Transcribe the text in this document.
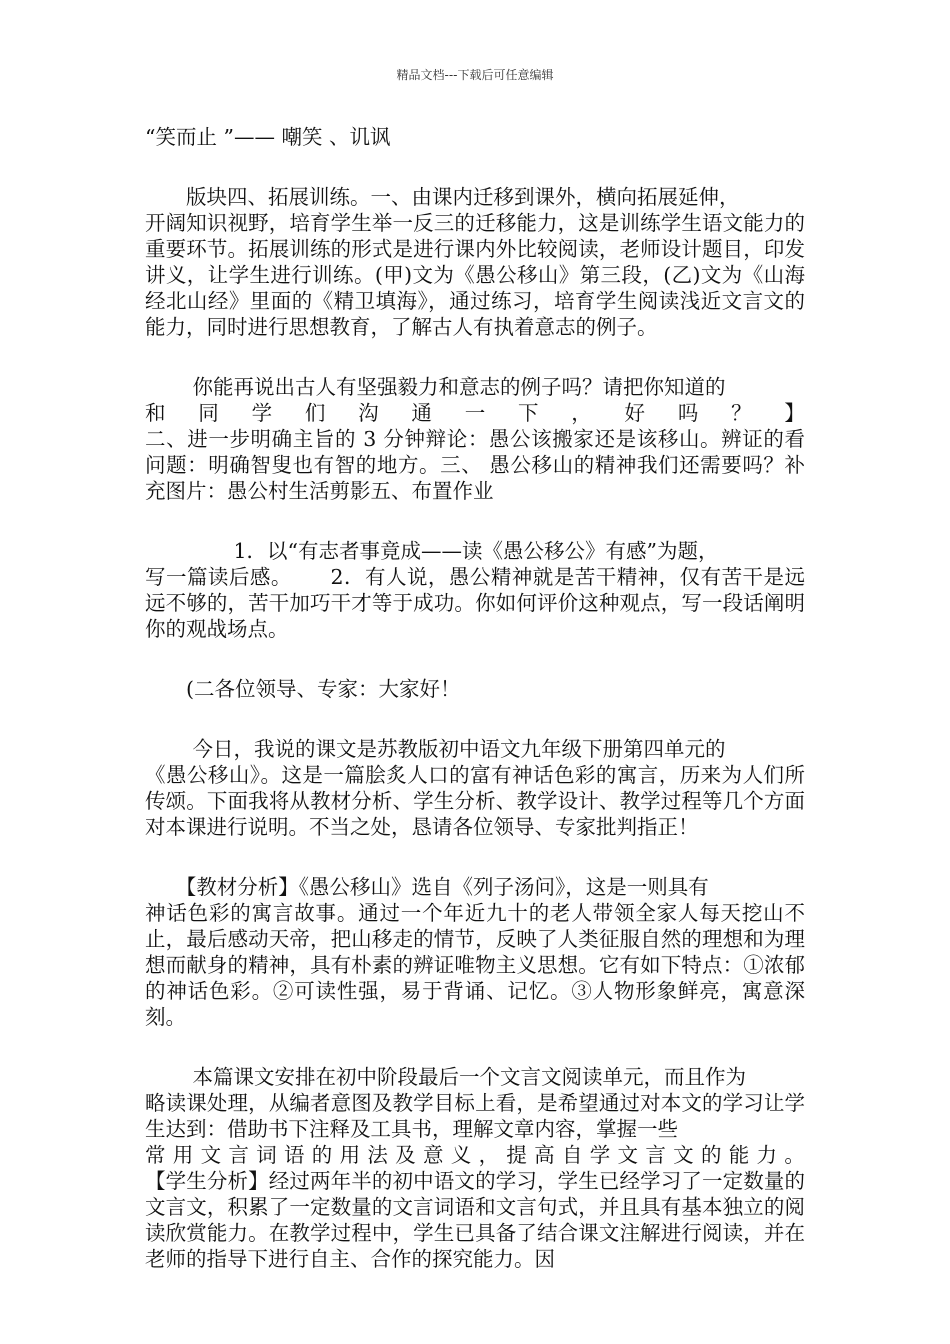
精品文档---下载后可任意编辑

“笑而止 ”—— 嘲笑 、讥讽

　　版块四、拓展训练。一、由课内迁移到课外，横向拓展延伸，
开阔知识视野，培育学生举一反三的迁移能力，这是训练学生语文能力的重要环节。拓展训练的形式是进行课内外比较阅读，老师设计题目，印发讲义，让学生进行训练。(甲)文为《愚公移山》第三段，(乙)文为《山海经北山经》里面的《精卫填海》，通过练习，培育学生阅读浅近文言文的能力，同时进行思想教育，了解古人有执着意志的例子。

　　 你能再说出古人有坚强毅力和意志的例子吗？请把你知道的
和 同 学 们 沟 通 一 下 ， 好 吗 ？ 】
二、进一步明确主旨的 3 分钟辩论：愚公该搬家还是该移山。辨证的看问题：明确智叟也有智的地方。三、 愚公移山的精神我们还需要吗？补充图片：愚公村生活剪影五、布置作业

　　　　 1．以“有志者事竟成——读《愚公移公》有感”为题，
写一篇读后感。　　 2．有人说，愚公精神就是苦干精神，仅有苦干是远远不够的，苦干加巧干才等于成功。你如何评价这种观点，写一段话阐明你的观战场点。

　　(二各位领导、专家：大家好！

　　 今日，我说的课文是苏教版初中语文九年级下册第四单元的
《愚公移山》。这是一篇脍炙人口的富有神话色彩的寓言，历来为人们所传颂。下面我将从教材分析、学生分析、教学设计、教学过程等几个方面对本课进行说明。不当之处，恳请各位领导、专家批判指正！

　　【教材分析】《愚公移山》选自《列子汤问》，这是一则具有
神话色彩的寓言故事。通过一个年近九十的老人带领全家人每天挖山不止，最后感动天帝，把山移走的情节，反映了人类征服自然的理想和为理想而献身的精神，具有朴素的辨证唯物主义思想。它有如下特点：①浓郁的神话色彩。②可读性强，易于背诵、记忆。③人物形象鲜亮，寓意深刻。

　　 本篇课文安排在初中阶段最后一个文言文阅读单元，而且作为
略读课处理，从编者意图及教学目标上看，是希望通过对本文的学习让学生达到：借助书下注释及工具书，理解文章内容，掌握一些
常 用 文 言 词 语 的 用 法 及 意 义 ， 提 高 自 学 文 言 文 的 能 力 。
【学生分析】经过两年半的初中语文的学习，学生已经学习了一定数量的文言文，积累了一定数量的文言词语和文言句式，并且具有基本独立的阅读欣赏能力。在教学过程中，学生已具备了结合课文注解进行阅读，并在老师的指导下进行自主、合作的探究能力。因
